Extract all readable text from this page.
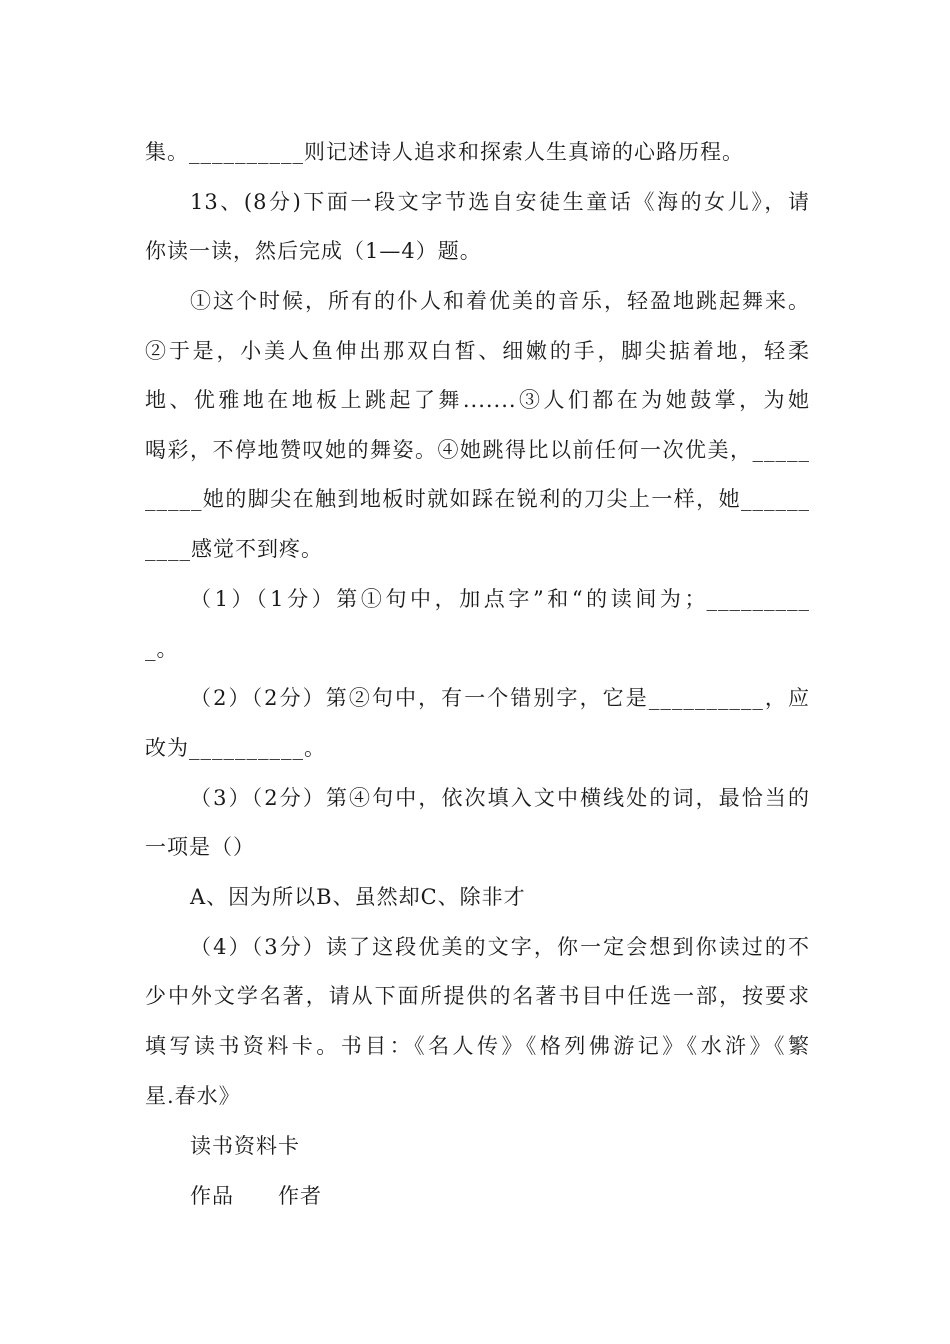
集。__________则记述诗人追求和探索人生真谛的心路历程。
13、(8分)下面一段文字节选自安徒生童话《海的女儿》，请
你读一读，然后完成（1—4）题。
①这个时候，所有的仆人和着优美的音乐，轻盈地跳起舞来。
②于是，小美人鱼伸出那双白皙、细嫩的手，脚尖掂着地，轻柔
地、优雅地在地板上跳起了舞.......③人们都在为她鼓掌，为她
喝彩，不停地赞叹她的舞姿。④她跳得比以前任何一次优美，_____
_____她的脚尖在触到地板时就如踩在锐利的刀尖上一样，她______
____感觉不到疼。
（1）（1分）第①句中，加点字”和“的读间为；_________
_。
（2）（2分）第②句中，有一个错别字，它是__________，应
改为__________。
（3）（2分）第④句中，依次填入文中横线处的词，最恰当的
一项是（）
A、因为所以B、虽然却C、除非才
（4）（3分）读了这段优美的文字，你一定会想到你读过的不
少中外文学名著，请从下面所提供的名著书目中任选一部，按要求
填写读书资料卡。书目：《名人传》《格列佛游记》《水浒》《繁
星.春水》
读书资料卡
作品　　作者
